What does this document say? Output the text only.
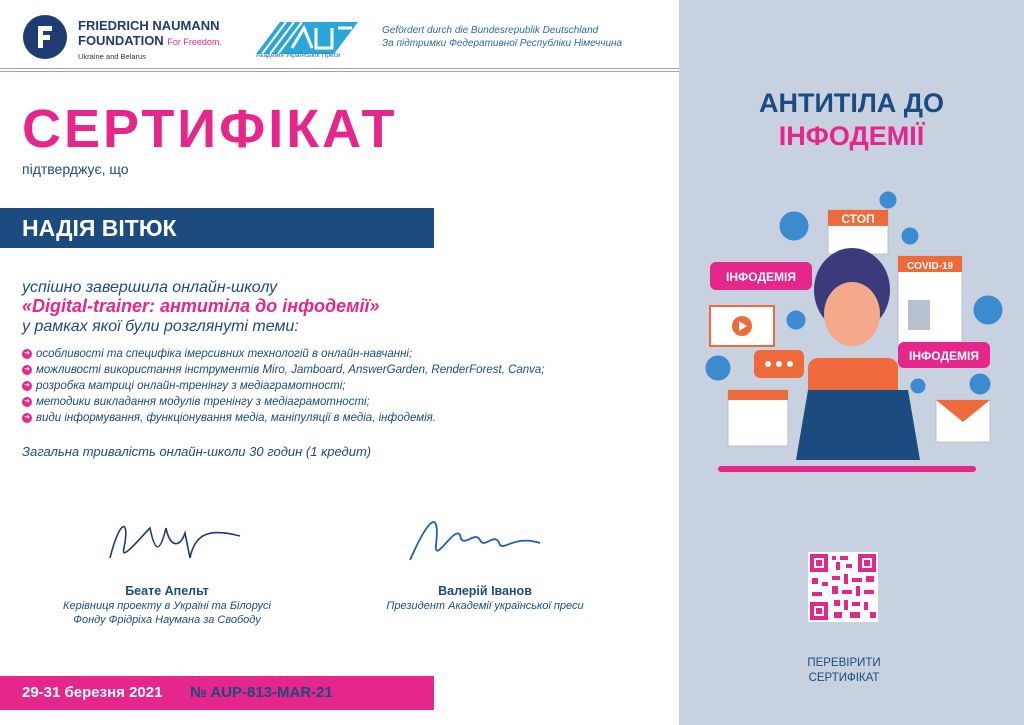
АНТИТІЛА ДО
ІНФОДЕМІЇ
СТОП
COVID-19
ІНФОДЕМІЯ
ІНФОДЕМІЯ
ПЕРЕВІРИТИ
СЕРТИФІКАТ
FRIEDRICH NAUMANN
FOUNDATION For Freedom.
Ukraine and Belarus	Академія Української Преси
Gefördert durch die Bundesrepublik Deutschland
За підтримки Федеративної Республіки Німеччина
СЕРТИФІКАТ
підтверджує, що
НАДІЯ ВІТЮК
успішно завершила онлайн-школу
«Digital-trainer: антитіла до інфодемії»
у рамках якої були розглянуті теми:
➔ особливості та специфіка імерсивних технологій в онлайн-навчанні;
➔ можливості використання інструментів Miro, Jamboard, AnswerGarden, RenderForest, Canva;
➔ розробка матриці онлайн-тренінгу з медіаграмотності;
➔ методики викладання модулів тренінгу з медіаграмотності;
➔ види інформування, функціонування медіа, маніпуляції в медіа, інфодемія.
Загальна тривалість онлайн-школи 30 годин (1 кредит)
Беате Апельт
Керівниця проекту в Україні та Білорусі
Фонду Фрідріха Наумана за Свободу
Валерій Іванов
Президент Академії української преси
29-31 березня 2021 № AUP-813-MAR-21
